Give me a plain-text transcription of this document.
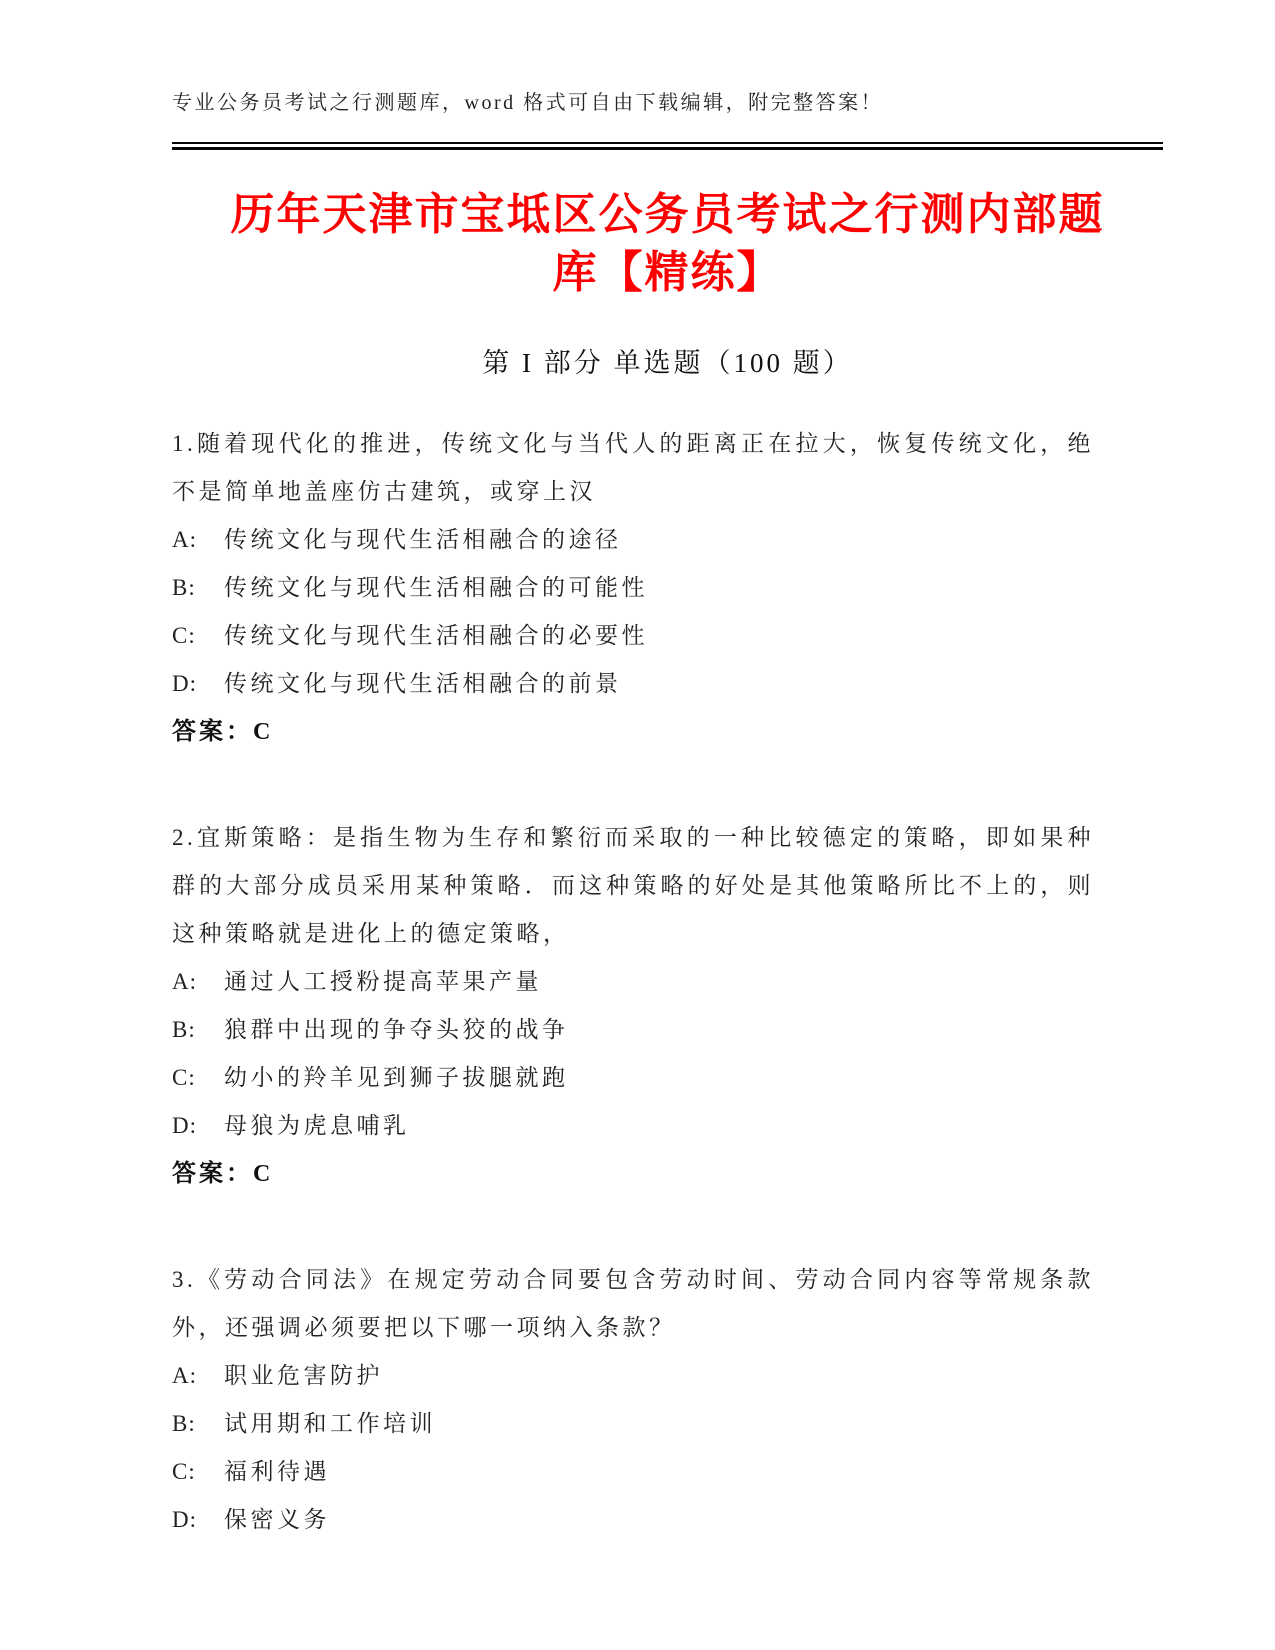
专业公务员考试之行测题库，word 格式可自由下载编辑，附完整答案！
历年天津市宝坻区公务员考试之行测内部题
库【精练】
第 I 部分 单选题（100 题）

1.随着现代化的推进，传统文化与当代人的距离正在拉大，恢复传统文化，绝不是简单地盖座仿古建筑，或穿上汉

A: 传统文化与现代生活相融合的途径

B: 传统文化与现代生活相融合的可能性

C: 传统文化与现代生活相融合的必要性

D: 传统文化与现代生活相融合的前景

答案：C

2.宜斯策略：是指生物为生存和繁衍而采取的一种比较德定的策略，即如果种群的大部分成员采用某种策略．而这种策略的好处是其他策略所比不上的，则这种策略就是进化上的德定策略，

A: 通过人工授粉提高苹果产量

B: 狼群中出现的争夺头狡的战争

C: 幼小的羚羊见到狮子拔腿就跑

D: 母狼为虎息哺乳

答案：C

3.《劳动合同法》在规定劳动合同要包含劳动时间、劳动合同内容等常规条款外，还强调必须要把以下哪一项纳入条款？

A: 职业危害防护

B: 试用期和工作培训

C: 福利待遇

D: 保密义务
